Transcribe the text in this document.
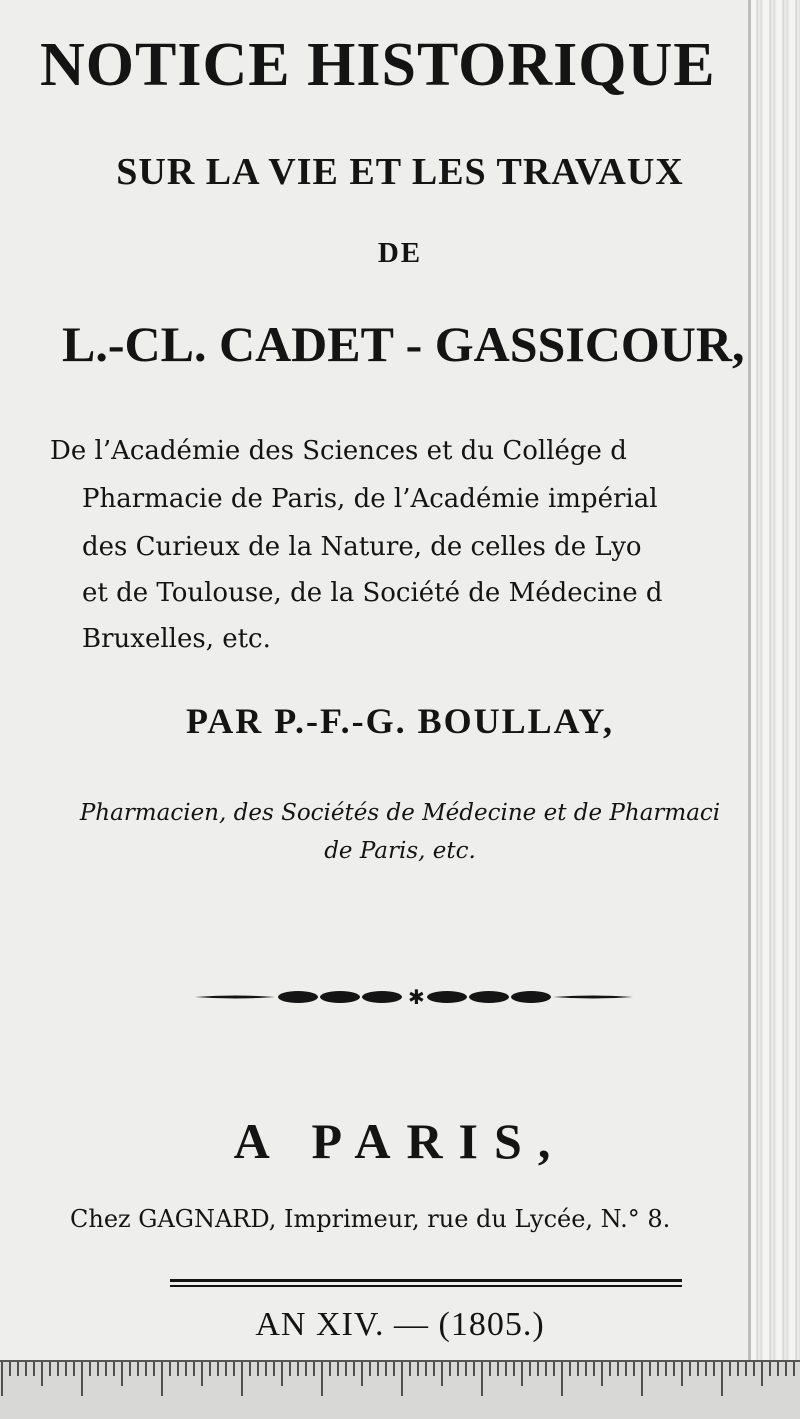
NOTICE HISTORIQUE
SUR LA VIE ET LES TRAVAUX
DE
L.-CL. CADET - GASSICOUR,
De l’Académie des Sciences et du Collége d
Pharmacie de Paris, de l’Académie impérial
des Curieux de la Nature, de celles de Lyo
et de Toulouse, de la Société de Médecine d
Bruxelles, etc.
PAR P.-F.-G. BOULLAY,
Pharmacien, des Sociétés de Médecine et de Pharmaci
de Paris, etc.
✱
A PARIS,
Chez GAGNARD, Imprimeur, rue du Lycée, N.° 8.
AN XIV. — (1805.)
